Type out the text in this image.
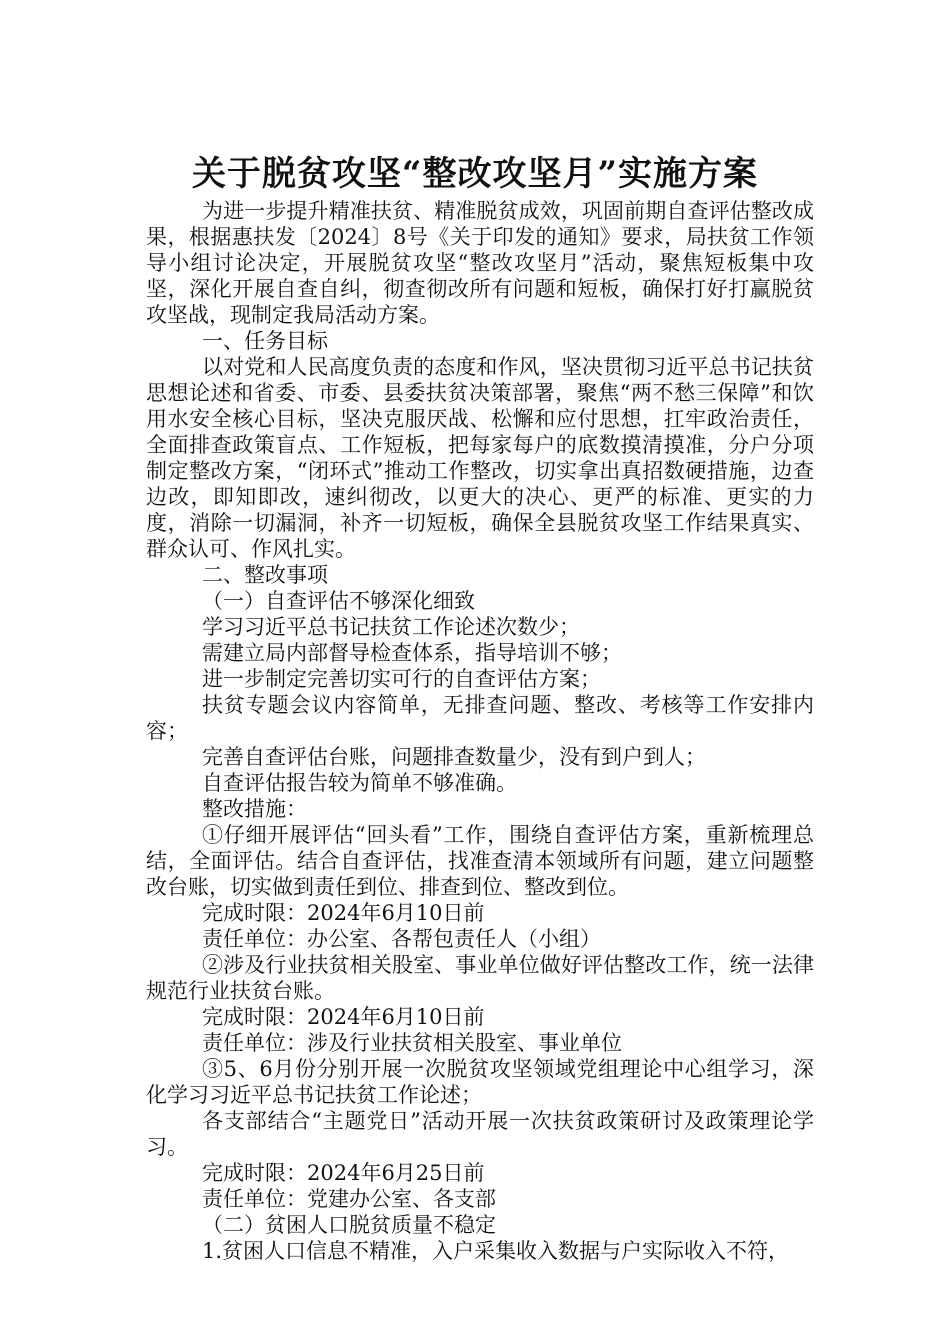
关于脱贫攻坚“整改攻坚月”实施方案

为进一步提升精准扶贫、精准脱贫成效，巩固前期自查评估整改成果，根据惠扶发〔2024〕8号《关于印发的通知》要求，局扶贫工作领导小组讨论决定，开展脱贫攻坚“整改攻坚月”活动，聚焦短板集中攻坚，深化开展自查自纠，彻查彻改所有问题和短板，确保打好打赢脱贫攻坚战，现制定我局活动方案。

一、任务目标

以对党和人民高度负责的态度和作风，坚决贯彻习近平总书记扶贫思想论述和省委、市委、县委扶贫决策部署，聚焦“两不愁三保障”和饮用水安全核心目标，坚决克服厌战、松懈和应付思想，扛牢政治责任，全面排查政策盲点、工作短板，把每家每户的底数摸清摸准，分户分项制定整改方案，“闭环式”推动工作整改，切实拿出真招数硬措施，边查边改，即知即改，速纠彻改，以更大的决心、更严的标准、更实的力度，消除一切漏洞，补齐一切短板，确保全县脱贫攻坚工作结果真实、群众认可、作风扎实。

二、整改事项

（一）自查评估不够深化细致

学习习近平总书记扶贫工作论述次数少；

需建立局内部督导检查体系，指导培训不够；

进一步制定完善切实可行的自查评估方案；

扶贫专题会议内容简单，无排查问题、整改、考核等工作安排内容；

完善自查评估台账，问题排查数量少，没有到户到人；

自查评估报告较为简单不够准确。

整改措施：

①仔细开展评估“回头看”工作，围绕自查评估方案，重新梳理总结，全面评估。结合自查评估，找准查清本领域所有问题，建立问题整改台账，切实做到责任到位、排查到位、整改到位。

完成时限：2024年6月10日前

责任单位：办公室、各帮包责任人（小组）

②涉及行业扶贫相关股室、事业单位做好评估整改工作，统一法律规范行业扶贫台账。

完成时限：2024年6月10日前

责任单位：涉及行业扶贫相关股室、事业单位

③5、6月份分别开展一次脱贫攻坚领域党组理论中心组学习，深化学习习近平总书记扶贫工作论述；

各支部结合“主题党日”活动开展一次扶贫政策研讨及政策理论学习。

完成时限：2024年6月25日前

责任单位：党建办公室、各支部

（二）贫困人口脱贫质量不稳定

1.贫困人口信息不精准，入户采集收入数据与户实际收入不符，
